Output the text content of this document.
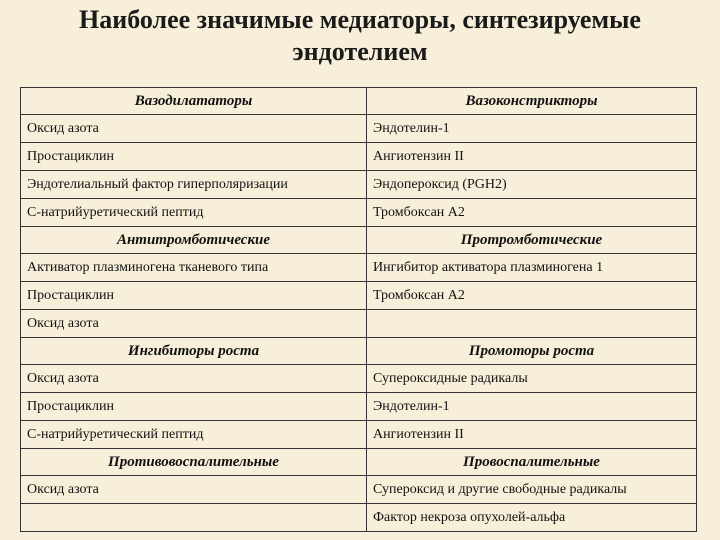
Наиболее значимые медиаторы, синтезируемые
эндотелием
Вазодилататоры	Вазоконстрикторы
Оксид азота	Эндотелин-1
Простациклин	Ангиотензин II
Эндотелиальный фактор гиперполяризации	Эндопероксид (PGH2)
С-натрийуретический пептид	Тромбоксан А2
Антитромботические	Протромботические
Активатор плазминогена тканевого типа	Ингибитор активатора плазминогена 1
Простациклин	Тромбоксан А2
Оксид азота	
Ингибиторы роста	Промоторы роста
Оксид азота	Супероксидные радикалы
Простациклин	Эндотелин-1
С-натрийуретический пептид	Ангиотензин II
Противовоспалительные	Провоспалительные
Оксид азота	Супероксид и другие свободные радикалы
	Фактор некроза опухолей-альфа
